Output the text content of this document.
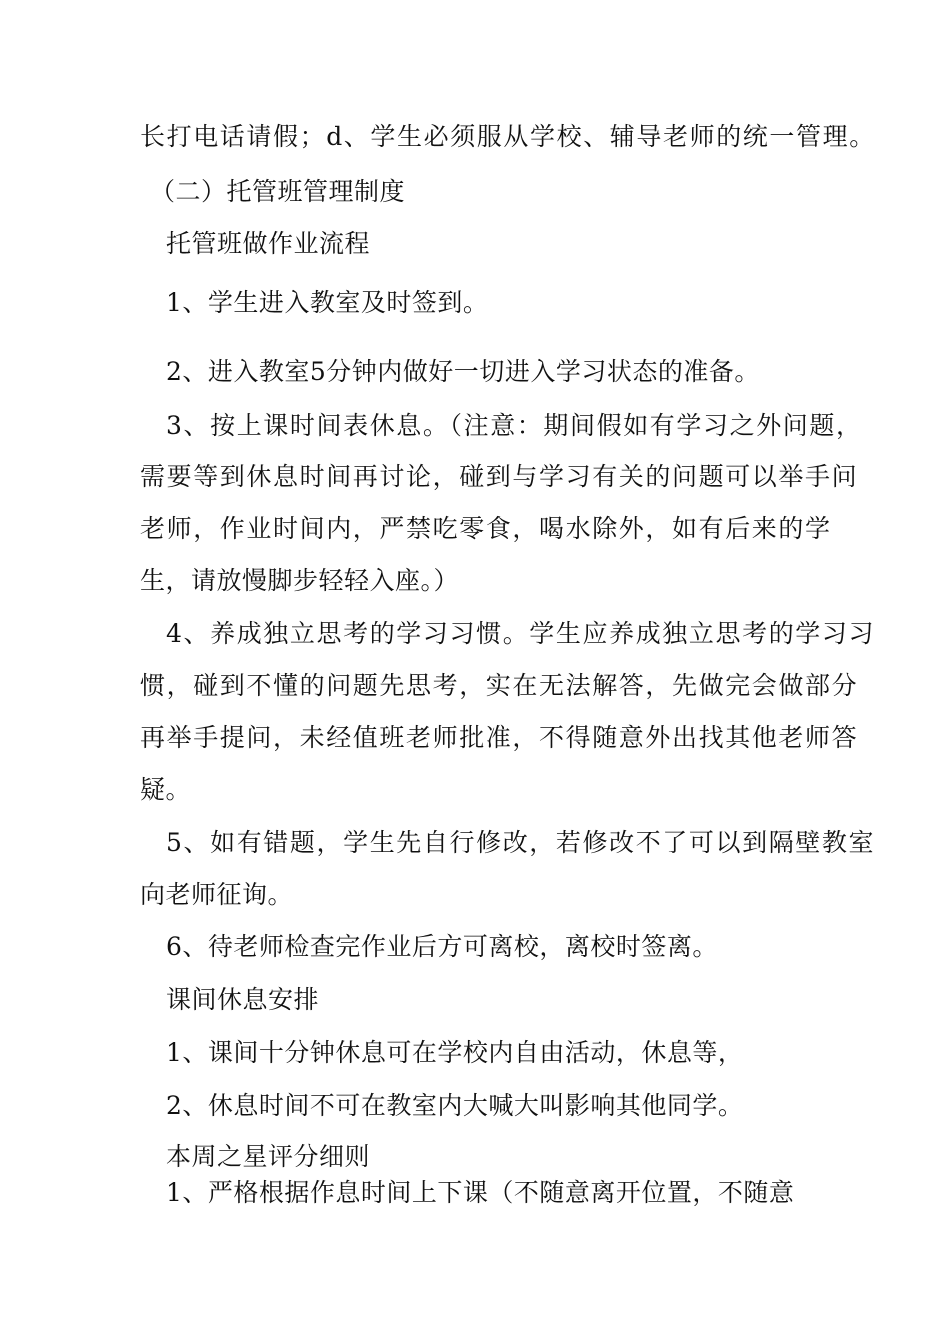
长打电话请假；d、学生必须服从学校、辅导老师的统一管理。
（二）托管班管理制度
托管班做作业流程
1、学生进入教室及时签到。
2、进入教室5分钟内做好一切进入学习状态的准备。
3、按上课时间表休息。（注意：期间假如有学习之外问题，
需要等到休息时间再讨论，碰到与学习有关的问题可以举手问
老师，作业时间内，严禁吃零食，喝水除外，如有后来的学
生，请放慢脚步轻轻入座。）
4、养成独立思考的学习习惯。学生应养成独立思考的学习习
惯，碰到不懂的问题先思考，实在无法解答，先做完会做部分
再举手提问，未经值班老师批准，不得随意外出找其他老师答
疑。
5、如有错题，学生先自行修改，若修改不了可以到隔壁教室
向老师征询。
6、待老师检查完作业后方可离校，离校时签离。
课间休息安排
1、课间十分钟休息可在学校内自由活动，休息等，
2、休息时间不可在教室内大喊大叫影响其他同学。
本周之星评分细则
1、严格根据作息时间上下课（不随意离开位置，不随意
